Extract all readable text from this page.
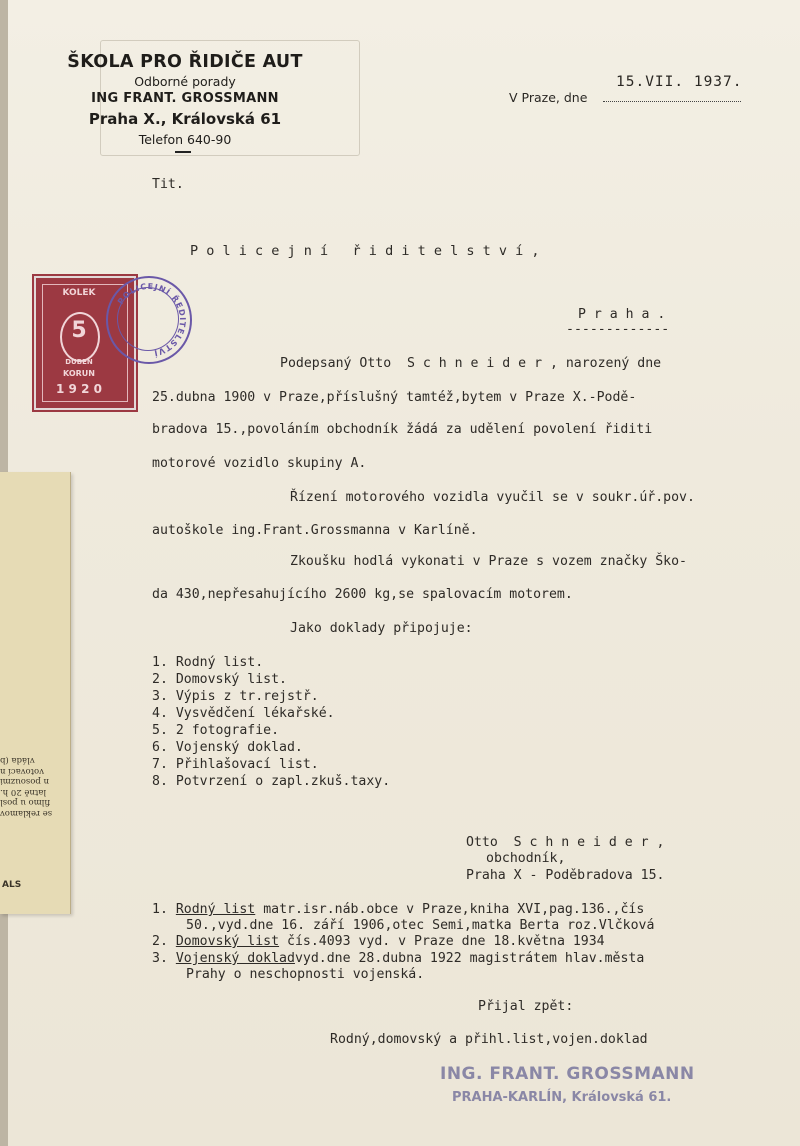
ŠKOLA PRO ŘIDIČE AUT
Odborné porady
ING FRANT. GROSSMANN
Praha X., Královská 61
Telefon 640-90
15.VII. 1937.
V Praze, dne
Tit.
P o l i c e j n í   ř i d i t e l s t v í ,
P r a h a .
-------------
KOLEK
5
DUBEN
KORUN
1 9 2 0
POLICEJNÍ ŘEDITELSTVÍ
Podepsaný Otto  S c h n e i d e r , narozený dne
25.dubna 1900 v Praze,příslušný tamtéž,bytem v Praze X.-Podě-
bradova 15.,povoláním obchodník žádá za udělení povolení řiditi
motorové vozidlo skupiny A.
Řízení motorového vozidla vyučil se v soukr.úř.pov.
autoškole ing.Frant.Grossmanna v Karlíně.
Zkoušku hodlá vykonati v Praze s vozem značky Ško-
da 430,nepřesahujícího 2600 kg,se spalovacím motorem.
Jako doklady připojuje:
se reklamov
filmo u posl
latně 20 h.
n posouzmi
votovací n
vláda (b
ALS
1. Rodný list.
2. Domovský list.
3. Výpis z tr.rejstř.
4. Vysvědčení lékařské.
5. 2 fotografie.
6. Vojenský doklad.
7. Přihlašovací list.
8. Potvrzení o zapl.zkuš.taxy.
Otto  S c h n e i d e r ,
obchodník,
Praha X - Poděbradova 15.
1. Rodný list matr.isr.náb.obce v Praze,kniha XVI,pag.136.,čís
50.,vyd.dne 16. září 1906,otec Semi,matka Berta roz.Vlčková
2. Domovský list čís.4093 vyd. v Praze dne 18.května 1934
3. Vojenský dokladvyd.dne 28.dubna 1922 magistrátem hlav.města
Prahy o neschopnosti vojenská.
Přijal zpět:
Rodný,domovský a přihl.list,vojen.doklad
ING. FRANT. GROSSMANN
PRAHA-KARLÍN, Královská 61.
